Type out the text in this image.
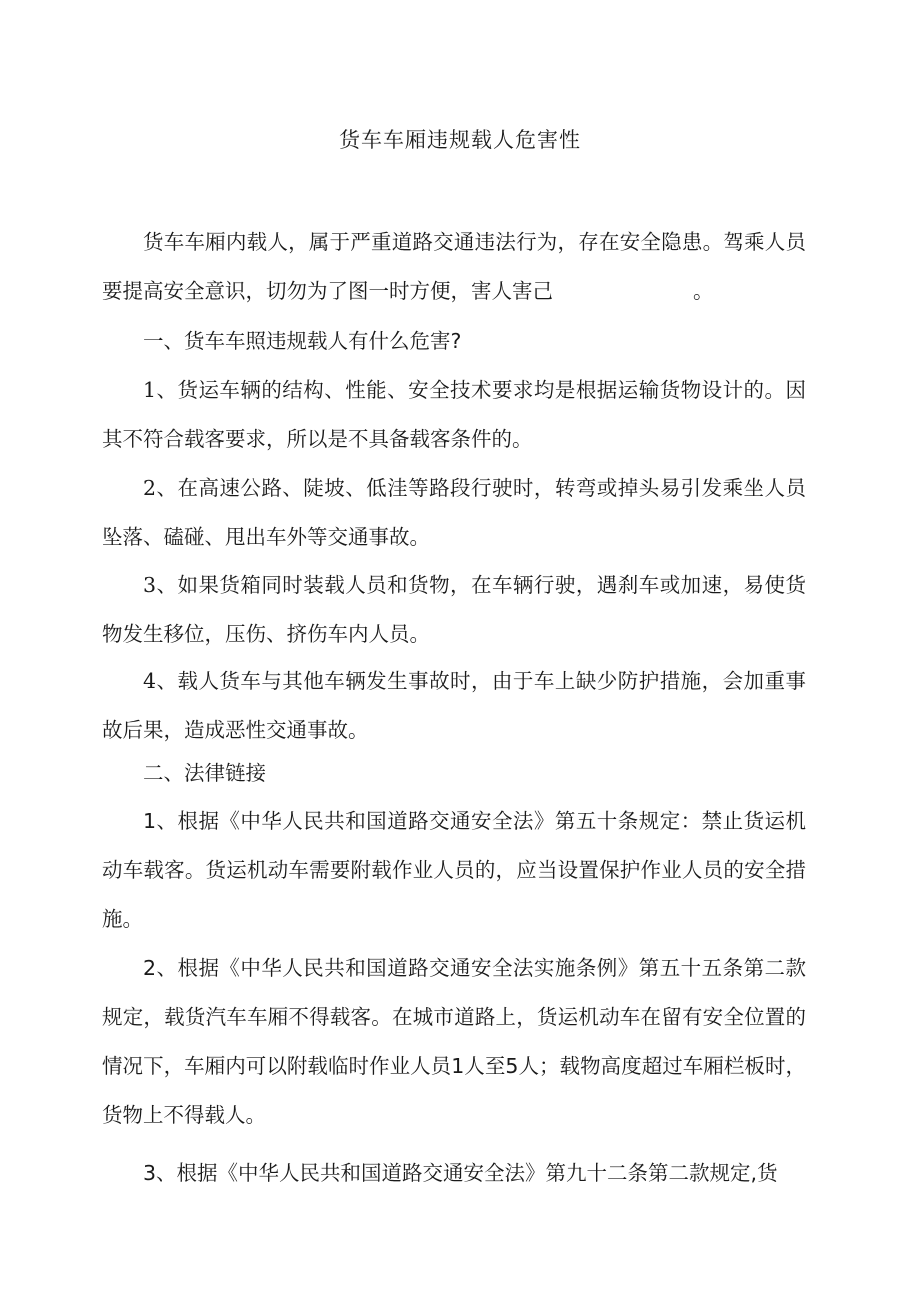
货车车厢违规载人危害性

货车车厢内载人，属于严重道路交通违法行为，存在安全隐患。驾乘人员要提高安全意识，切勿为了图一时方便，害人害己	。

一、货车车照违规载人有什么危害?

1、货运车辆的结构、性能、安全技术要求均是根据运输货物设计的。因其不符合载客要求，所以是不具备载客条件的。

2、在高速公路、陡坡、低洼等路段行驶时，转弯或掉头易引发乘坐人员坠落、磕碰、甩出车外等交通事故。

3、如果货箱同时装载人员和货物，在车辆行驶，遇刹车或加速，易使货物发生移位，压伤、挤伤车内人员。

4、载人货车与其他车辆发生事故时，由于车上缺少防护措施，会加重事故后果，造成恶性交通事故。

二、法律链接

1、根据《中华人民共和国道路交通安全法》第五十条规定：禁止货运机动车载客。货运机动车需要附载作业人员的，应当设置保护作业人员的安全措施。

2、根据《中华人民共和国道路交通安全法实施条例》第五十五条第二款规定，载货汽车车厢不得载客。在城市道路上，货运机动车在留有安全位置的情况下，车厢内可以附载临时作业人员1人至5人；载物高度超过车厢栏板时，货物上不得载人。

3、根据《中华人民共和国道路交通安全法》第九十二条第二款规定,货
